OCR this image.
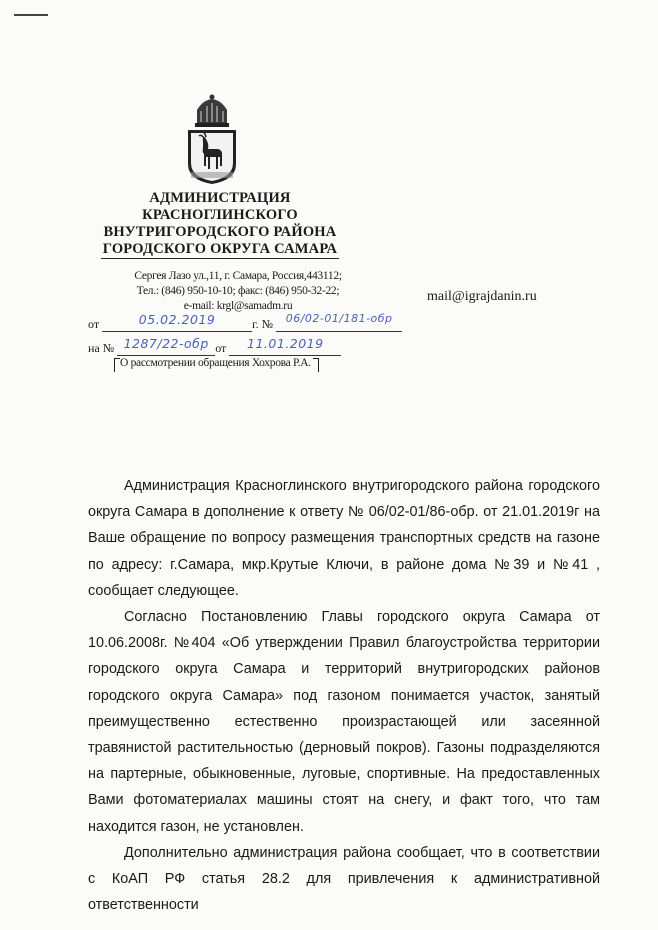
АДМИНИСТРАЦИЯ
КРАСНОГЛИНСКОГО
ВНУТРИГОРОДСКОГО РАЙОНА
ГОРОДСКОГО ОКРУГА САМАРА
Сергея Лазо ул.,11, г. Самара, Россия,443112;
Тел.: (846) 950-10-10; факс: (846) 950-32-22;
e-mail: krgl@samadm.ru
mail@igrajdanin.ru
от	05.02.2019	г. №	06/02-01/181-обр
на № 1287/22-обр от	11.01.2019
О рассмотрении обращения Хохрова Р.А.

Администрация Красноглинского внутригородского района городского округа Самара в дополнение к ответу № 06/02-01/86-обр. от 21.01.2019г на Ваше обращение по вопросу размещения транспортных средств на газоне по адресу: г.Самара, мкр.Крутые Ключи, в районе дома №39 и №41 , сообщает следующее.

Согласно Постановлению Главы городского округа Самара от 10.06.2008г. №404 «Об утверждении Правил благоустройства территории городского округа Самара и территорий внутригородских районов городского округа Самара» под газоном понимается участок, занятый преимущественно естественно произрастающей или засеянной травянистой растительностью (дерновый покров). Газоны подразделяются на партерные, обыкновенные, луговые, спортивные. На предоставленных Вами фотоматериалах машины стоят на снегу, и факт того, что там находится газон, не установлен.

Дополнительно администрация района сообщает, что в соответствии с КоАП РФ статья 28.2 для привлечения к административной ответственности
